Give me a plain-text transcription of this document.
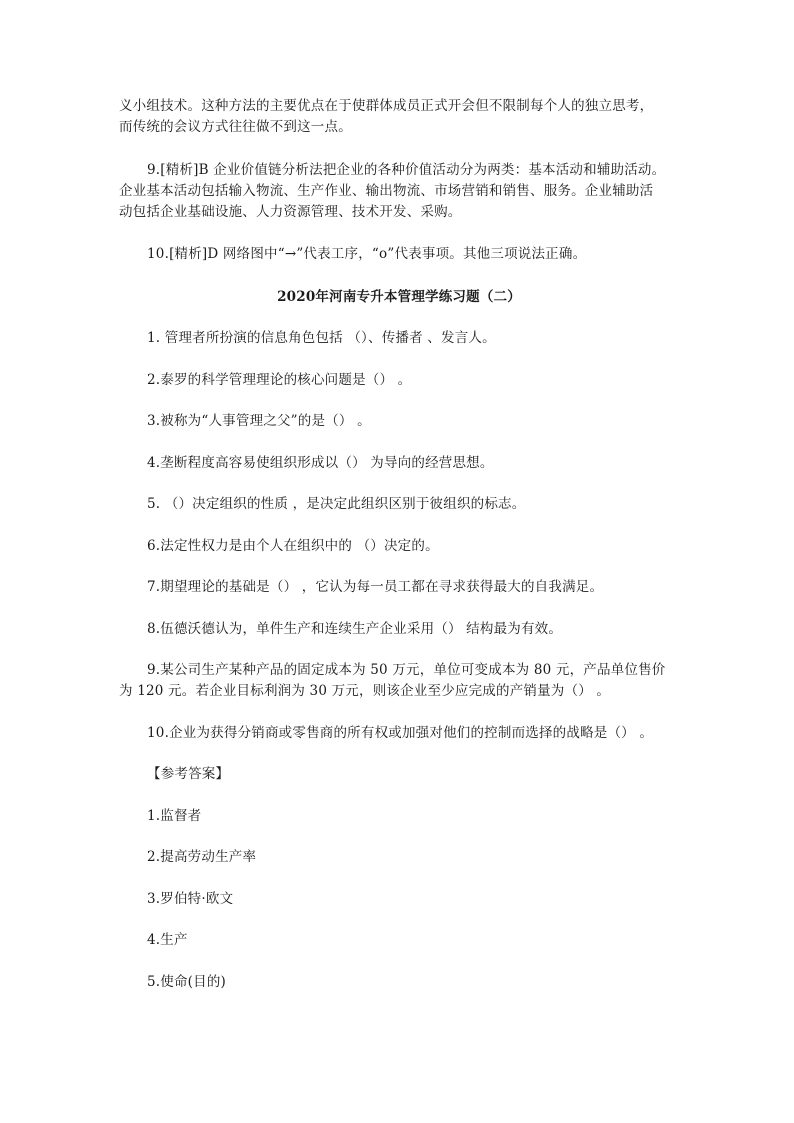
义小组技术。这种方法的主要优点在于使群体成员正式开会但不限制每个人的独立思考，

而传统的会议方式往往做不到这一点。

9.[精析]B 企业价值链分析法把企业的各种价值活动分为两类：基本活动和辅助活动。

企业基本活动包括输入物流、生产作业、输出物流、市场营销和销售、服务。企业辅助活

动包括企业基础设施、人力资源管理、技术开发、采购。

10.[精析]D 网络图中“→”代表工序，“o”代表事项。其他三项说法正确。

2020年河南专升本管理学练习题（二）

1. 管理者所扮演的信息角色包括 （）、传播者 、发言人。

2.泰罗的科学管理理论的核心问题是（） 。

3.被称为“人事管理之父”的是（） 。

4.垄断程度高容易使组织形成以（） 为导向的经营思想。

5. （）决定组织的性质 ，是决定此组织区别于彼组织的标志。

6.法定性权力是由个人在组织中的 （）决定的。

7.期望理论的基础是（） ，它认为每一员工都在寻求获得最大的自我满足。

8.伍德沃德认为，单件生产和连续生产企业采用（） 结构最为有效。

9.某公司生产某种产品的固定成本为 50 万元，单位可变成本为 80 元，产品单位售价

为 120 元。若企业目标利润为 30 万元，则该企业至少应完成的产销量为（） 。

10.企业为获得分销商或零售商的所有权或加强对他们的控制而选择的战略是（） 。

【参考答案】

1.监督者

2.提高劳动生产率

3.罗伯特·欧文

4.生产

5.使命(目的)
